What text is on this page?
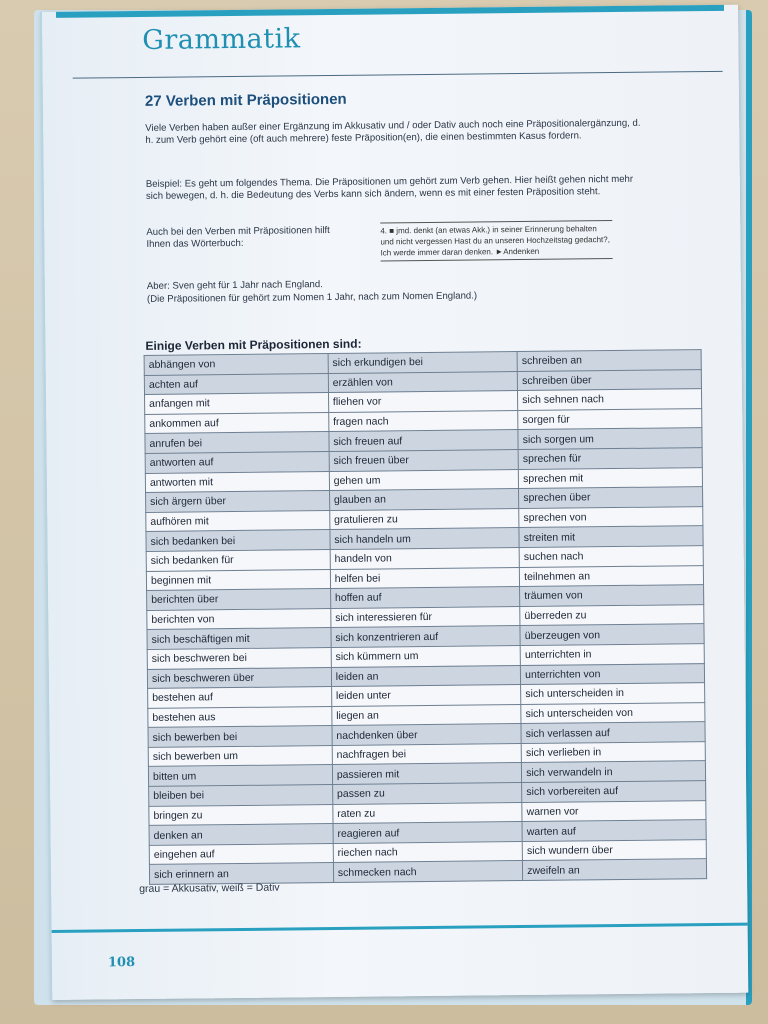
Grammatik
27 Verben mit Präpositionen
Viele Verben haben außer einer Ergänzung im Akkusativ und / oder Dativ auch noch eine Präpositionalergänzung, d. h. zum Verb gehört eine (oft auch mehrere) feste Präposition(en), die einen bestimmten Kasus fordern.
Beispiel: Es geht um folgendes Thema. Die Präpositionen um gehört zum Verb gehen. Hier heißt gehen nicht mehr sich bewegen, d. h. die Bedeutung des Verbs kann sich ändern, wenn es mit einer festen Präposition steht.
Auch bei den Verben mit Präpositionen hilft Ihnen das Wörterbuch:
4. ■ jmd. denkt (an etwas Akk.) in seiner Erinnerung behalten und nicht vergessen Hast du an unseren Hochzeitstag gedacht?, Ich werde immer daran denken. ►Andenken
Aber: Sven geht für 1 Jahr nach England.
(Die Präpositionen für gehört zum Nomen 1 Jahr, nach zum Nomen England.)
Einige Verben mit Präpositionen sind:
abhängen von	sich erkundigen bei	schreiben an
achten auf	erzählen von	schreiben über
anfangen mit	fliehen vor	sich sehnen nach
ankommen auf	fragen nach	sorgen für
anrufen bei	sich freuen auf	sich sorgen um
antworten auf	sich freuen über	sprechen für
antworten mit	gehen um	sprechen mit
sich ärgern über	glauben an	sprechen über
aufhören mit	gratulieren zu	sprechen von
sich bedanken bei	sich handeln um	streiten mit
sich bedanken für	handeln von	suchen nach
beginnen mit	helfen bei	teilnehmen an
berichten über	hoffen auf	träumen von
berichten von	sich interessieren für	überreden zu
sich beschäftigen mit	sich konzentrieren auf	überzeugen von
sich beschweren bei	sich kümmern um	unterrichten in
sich beschweren über	leiden an	unterrichten von
bestehen auf	leiden unter	sich unterscheiden in
bestehen aus	liegen an	sich unterscheiden von
sich bewerben bei	nachdenken über	sich verlassen auf
sich bewerben um	nachfragen bei	sich verlieben in
bitten um	passieren mit	sich verwandeln in
bleiben bei	passen zu	sich vorbereiten auf
bringen zu	raten zu	warnen vor
denken an	reagieren auf	warten auf
eingehen auf	riechen nach	sich wundern über
sich erinnern an	schmecken nach	zweifeln an
grau = Akkusativ, weiß = Dativ
108
